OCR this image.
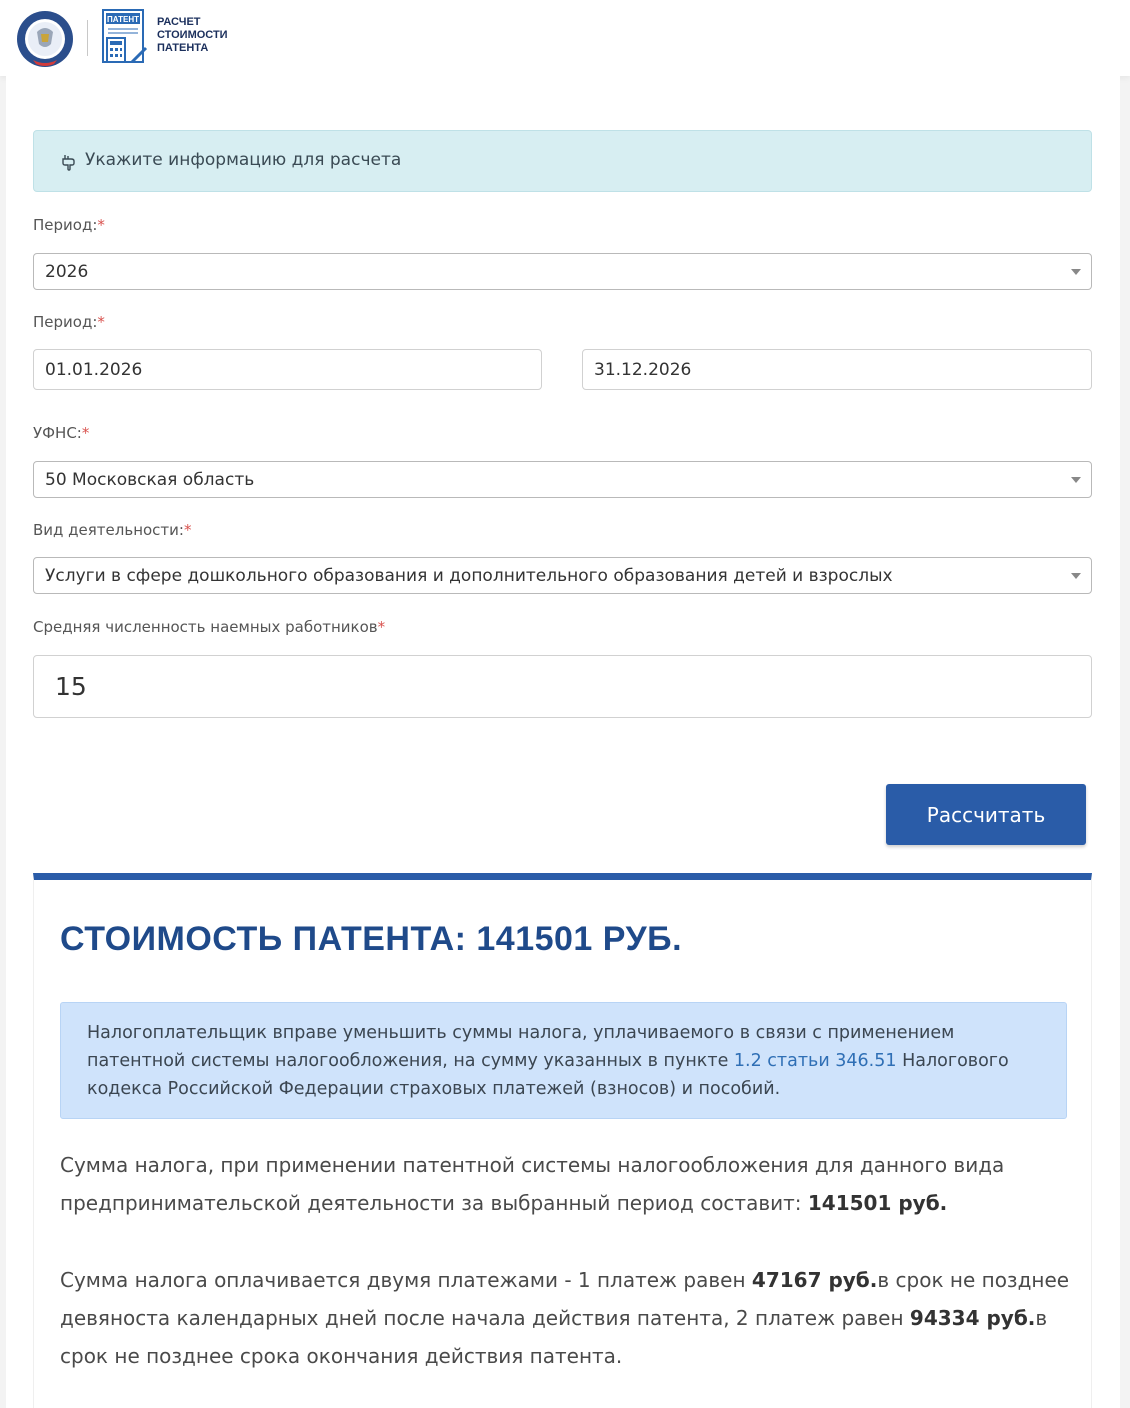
ПАТЕНТ РАСЧЕТ
СТОИМОСТИ
ПАТЕНТА
Укажите информацию для расчета
Период:*
2026
Период:*
01.01.2026	31.12.2026
УФНС:*
50 Московская область
Вид деятельности:*
Услуги в сфере дошкольного образования и дополнительного образования детей и взрослых
Средняя численность наемных работников*
15
Рассчитать
СТОИМОСТЬ ПАТЕНТА: 141501 РУБ.
Налогоплательщик вправе уменьшить суммы налога, уплачиваемого в связи с применением патентной системы налогообложения, на сумму указанных в пункте 1.2 статьи 346.51 Налогового кодекса Российской Федерации страховых платежей (взносов) и пособий.
Сумма налога, при применении патентной системы налогообложения для данного вида предпринимательской деятельности за выбранный период составит: 141501 руб.
Сумма налога оплачивается двумя платежами - 1 платеж равен 47167 руб.в срок не позднее девяноста календарных дней после начала действия патента, 2 платеж равен 94334 руб.в срок не позднее срока окончания действия патента.
